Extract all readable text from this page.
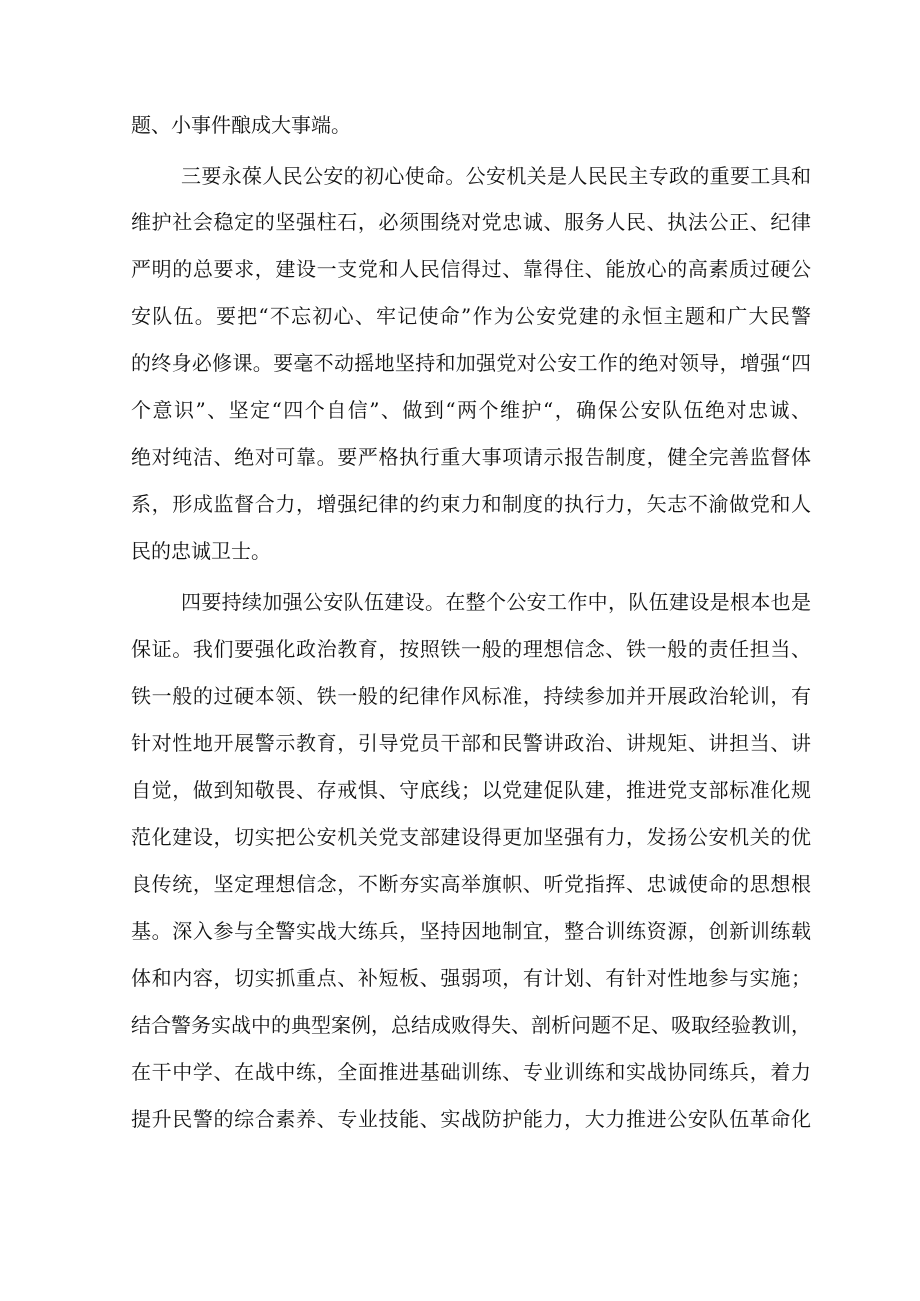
题、小事件酿成大事端。
三要永葆人民公安的初心使命。公安机关是人民民主专政的重要工具和
维护社会稳定的坚强柱石，必须围绕对党忠诚、服务人民、执法公正、纪律
严明的总要求，建设一支党和人民信得过、靠得住、能放心的高素质过硬公
安队伍。要把“不忘初心、牢记使命”作为公安党建的永恒主题和广大民警
的终身必修课。要毫不动摇地坚持和加强党对公安工作的绝对领导，增强“四
个意识”、坚定“四个自信”、做到“两个维护“，确保公安队伍绝对忠诚、
绝对纯洁、绝对可靠。要严格执行重大事项请示报告制度，健全完善监督体
系，形成监督合力，增强纪律的约束力和制度的执行力，矢志不渝做党和人
民的忠诚卫士。
四要持续加强公安队伍建设。在整个公安工作中，队伍建设是根本也是
保证。我们要强化政治教育，按照铁一般的理想信念、铁一般的责任担当、
铁一般的过硬本领、铁一般的纪律作风标准，持续参加并开展政治轮训，有
针对性地开展警示教育，引导党员干部和民警讲政治、讲规矩、讲担当、讲
自觉，做到知敬畏、存戒惧、守底线；以党建促队建，推进党支部标准化规
范化建设，切实把公安机关党支部建设得更加坚强有力，发扬公安机关的优
良传统，坚定理想信念，不断夯实高举旗帜、听党指挥、忠诚使命的思想根
基。深入参与全警实战大练兵，坚持因地制宜，整合训练资源，创新训练载
体和内容，切实抓重点、补短板、强弱项，有计划、有针对性地参与实施；
结合警务实战中的典型案例，总结成败得失、剖析问题不足、吸取经验教训，
在干中学、在战中练，全面推进基础训练、专业训练和实战协同练兵，着力
提升民警的综合素养、专业技能、实战防护能力，大力推进公安队伍革命化
